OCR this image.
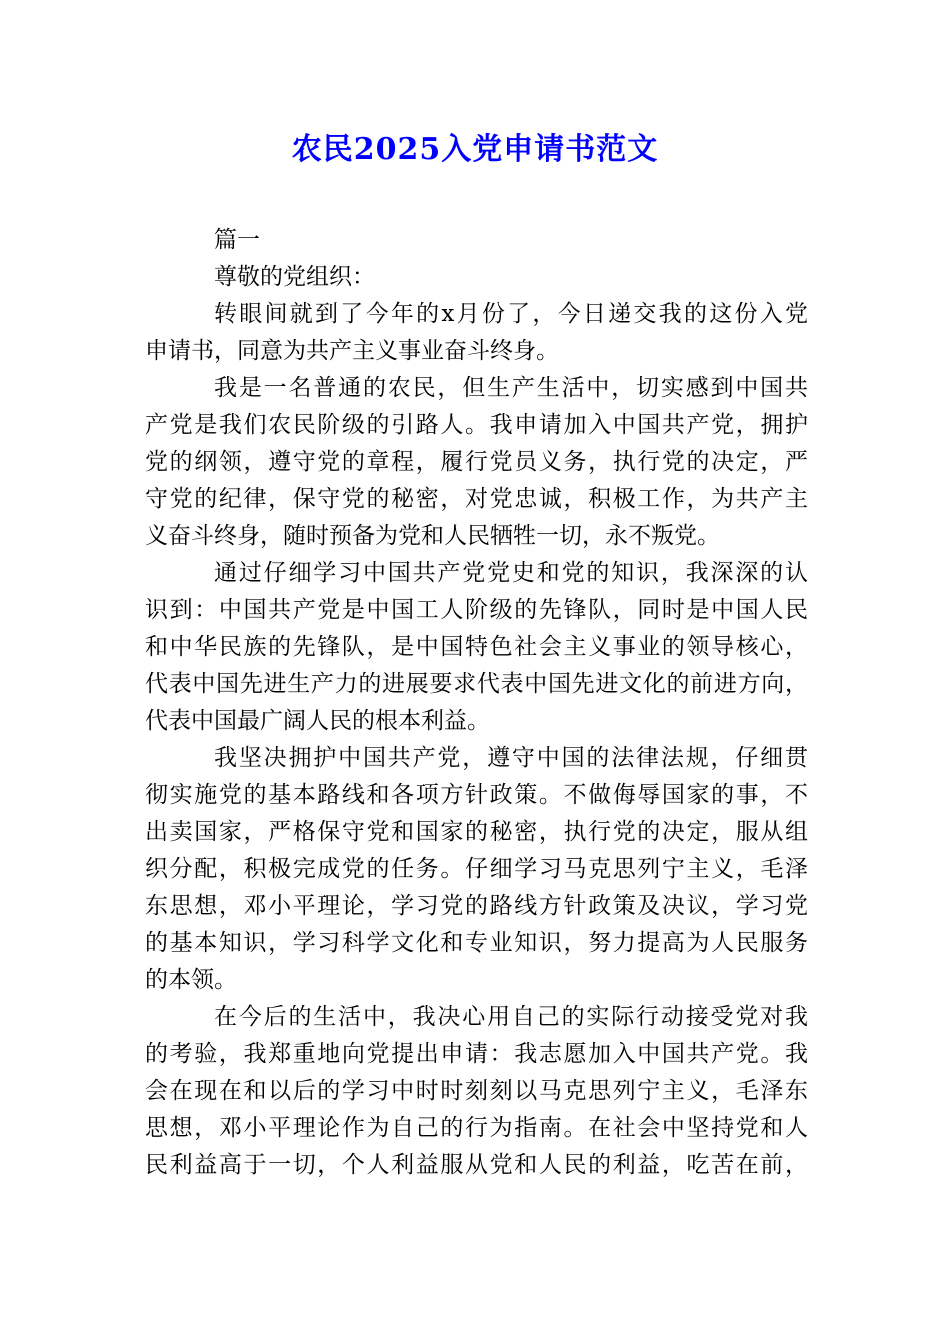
农民2025入党申请书范文
篇一
尊敬的党组织：
转眼间就到了今年的x月份了，今日递交我的这份入党
申请书，同意为共产主义事业奋斗终身。
我是一名普通的农民，但生产生活中，切实感到中国共
产党是我们农民阶级的引路人。我申请加入中国共产党，拥护
党的纲领，遵守党的章程，履行党员义务，执行党的决定，严
守党的纪律，保守党的秘密，对党忠诚，积极工作，为共产主
义奋斗终身，随时预备为党和人民牺牲一切，永不叛党。
通过仔细学习中国共产党党史和党的知识，我深深的认
识到：中国共产党是中国工人阶级的先锋队，同时是中国人民
和中华民族的先锋队，是中国特色社会主义事业的领导核心，
代表中国先进生产力的进展要求代表中国先进文化的前进方向，
代表中国最广阔人民的根本利益。
我坚决拥护中国共产党，遵守中国的法律法规，仔细贯
彻实施党的基本路线和各项方针政策。不做侮辱国家的事，不
出卖国家，严格保守党和国家的秘密，执行党的决定，服从组
织分配，积极完成党的任务。仔细学习马克思列宁主义，毛泽
东思想，邓小平理论，学习党的路线方针政策及决议，学习党
的基本知识，学习科学文化和专业知识，努力提高为人民服务
的本领。
在今后的生活中，我决心用自己的实际行动接受党对我
的考验，我郑重地向党提出申请：我志愿加入中国共产党。我
会在现在和以后的学习中时时刻刻以马克思列宁主义，毛泽东
思想，邓小平理论作为自己的行为指南。在社会中坚持党和人
民利益高于一切，个人利益服从党和人民的利益，吃苦在前，
